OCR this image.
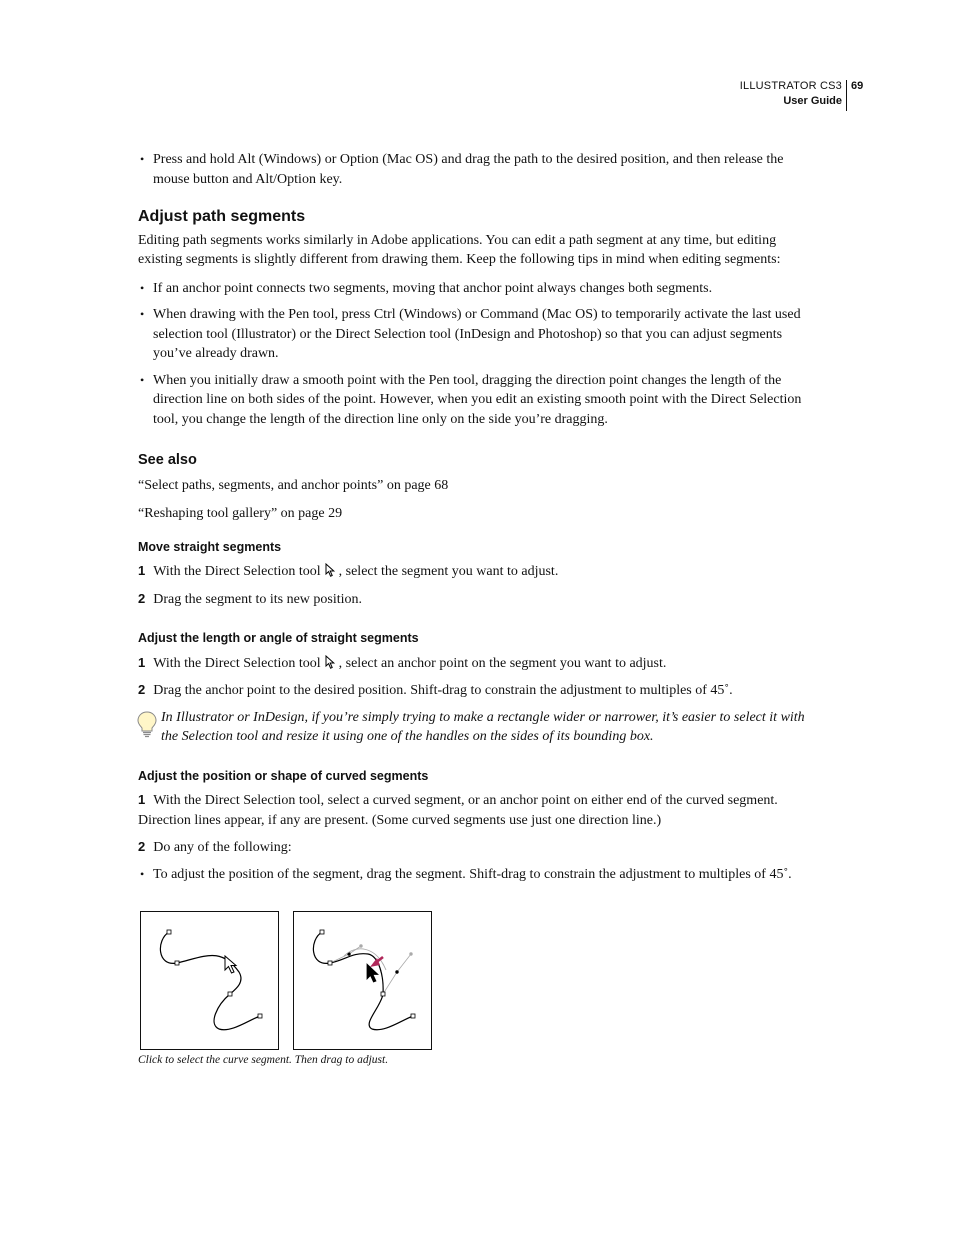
ILLUSTRATOR CS3
User Guide
69
• Press and hold Alt (Windows) or Option (Mac OS) and drag the path to the desired position, and then release the mouse button and Alt/Option key.
Adjust path segments

Editing path segments works similarly in Adobe applications. You can edit a path segment at any time, but editing existing segments is slightly different from drawing them. Keep the following tips in mind when editing segments:

• If an anchor point connects two segments, moving that anchor point always changes both segments.
• When drawing with the Pen tool, press Ctrl (Windows) or Command (Mac OS) to temporarily activate the last used selection tool (Illustrator) or the Direct Selection tool (InDesign and Photoshop) so that you can adjust segments you’ve already drawn.
• When you initially draw a smooth point with the Pen tool, dragging the direction point changes the length of the direction line on both sides of the point. However, when you edit an existing smooth point with the Direct Selection tool, you change the length of the direction line only on the side you’re dragging.
See also

“Select paths, segments, and anchor points” on page 68

“Reshaping tool gallery” on page 29

Move straight segments
1 With the Direct Selection tool , select the segment you want to adjust.
2 Drag the segment to its new position.
Adjust the length or angle of straight segments
1 With the Direct Selection tool , select an anchor point on the segment you want to adjust.
2 Drag the anchor point to the desired position. Shift-drag to constrain the adjustment to multiples of 45˚.
In Illustrator or InDesign, if you’re simply trying to make a rectangle wider or narrower, it’s easier to select it with the Selection tool and resize it using one of the handles on the sides of its bounding box.
Adjust the position or shape of curved segments
1 With the Direct Selection tool, select a curved segment, or an anchor point on either end of the curved segment. Direction lines appear, if any are present. (Some curved segments use just one direction line.)
2 Do any of the following:
• To adjust the position of the segment, drag the segment. Shift-drag to constrain the adjustment to multiples of 45˚.
Click to select the curve segment. Then drag to adjust.
